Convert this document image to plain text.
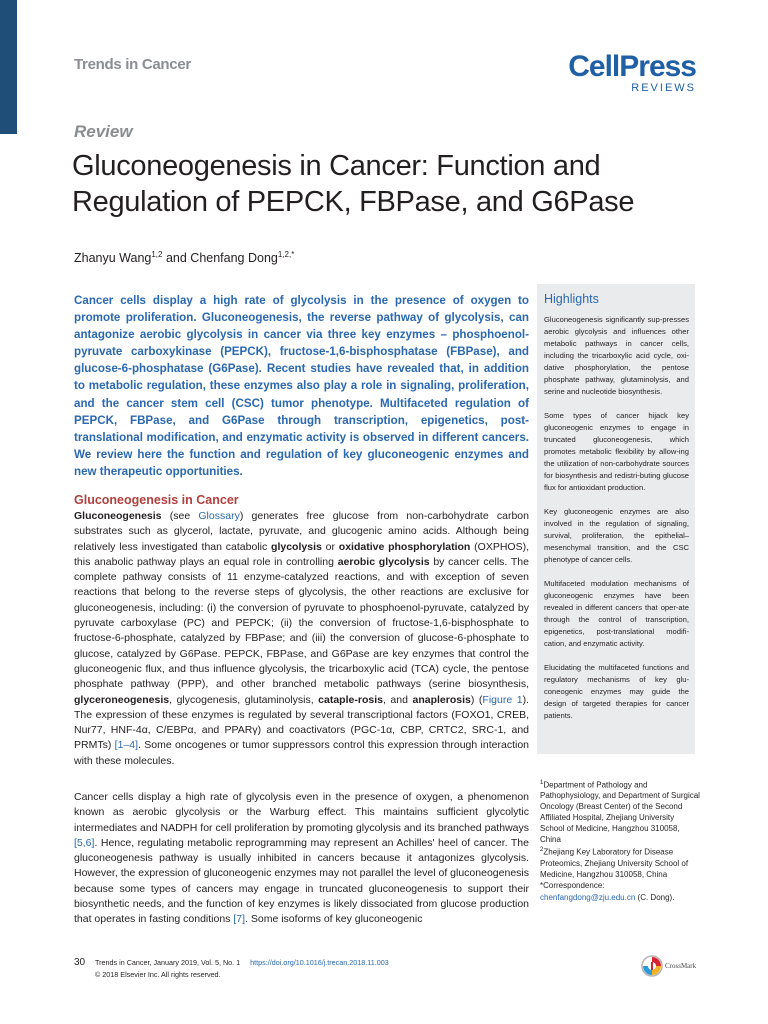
Trends in Cancer	CellPress
REVIEWS
Review
Gluconeogenesis in Cancer: Function and Regulation of PEPCK, FBPase, and G6Pase
Zhanyu Wang$^{1,2}$ and Chenfang Dong$^{1,2,*}$

Cancer cells display a high rate of glycolysis in the presence of oxygen to promote proliferation. Gluconeogenesis, the reverse pathway of glycolysis, can antagonize aerobic glycolysis in cancer via three key enzymes – phosphoenol-pyruvate carboxykinase (PEPCK), fructose-1,6-bisphosphatase (FBPase), and glucose-6-phosphatase (G6Pase). Recent studies have revealed that, in addition to metabolic regulation, these enzymes also play a role in signaling, proliferation, and the cancer stem cell (CSC) tumor phenotype. Multifaceted regulation of PEPCK, FBPase, and G6Pase through transcription, epigenetics, post-translational modification, and enzymatic activity is observed in different cancers. We review here the function and regulation of key gluconeogenic enzymes and new therapeutic opportunities.

Gluconeogenesis in Cancer

Gluconeogenesis (see Glossary) generates free glucose from non-carbohydrate carbon substrates such as glycerol, lactate, pyruvate, and glucogenic amino acids. Although being relatively less investigated than catabolic glycolysis or oxidative phosphorylation (OXPHOS), this anabolic pathway plays an equal role in controlling aerobic glycolysis by cancer cells. The complete pathway consists of 11 enzyme-catalyzed reactions, and with exception of seven reactions that belong to the reverse steps of glycolysis, the other reactions are exclusive for gluconeogenesis, including: (i) the conversion of pyruvate to phosphoenol-pyruvate, catalyzed by pyruvate carboxylase (PC) and PEPCK; (ii) the conversion of fructose-1,6-bisphosphate to fructose-6-phosphate, catalyzed by FBPase; and (iii) the conversion of glucose-6-phosphate to glucose, catalyzed by G6Pase. PEPCK, FBPase, and G6Pase are key enzymes that control the gluconeogenic flux, and thus influence glycolysis, the tricarboxylic acid (TCA) cycle, the pentose phosphate pathway (PPP), and other branched metabolic pathways (serine biosynthesis, glyceroneogenesis, glycogenesis, glutaminolysis, cataple-rosis, and anaplerosis) (Figure 1). The expression of these enzymes is regulated by several transcriptional factors (FOXO1, CREB, Nur77, HNF-4α, C/EBPα, and PPARγ) and coactivators (PGC-1α, CBP, CRTC2, SRC-1, and PRMTs) [1–4]. Some oncogenes or tumor suppressors control this expression through interaction with these molecules.

Cancer cells display a high rate of glycolysis even in the presence of oxygen, a phenomenon known as aerobic glycolysis or the Warburg effect. This maintains sufficient glycolytic intermediates and NADPH for cell proliferation by promoting glycolysis and its branched pathways [5,6]. Hence, regulating metabolic reprogramming may represent an Achilles' heel of cancer. The gluconeogenesis pathway is usually inhibited in cancers because it antagonizes glycolysis. However, the expression of gluconeogenic enzymes may not parallel the level of gluconeogenesis because some types of cancers may engage in truncated gluconeogenesis to support their biosynthetic needs, and the function of key enzymes is likely dissociated from glucose production that operates in fasting conditions [7]. Some isoforms of key gluconeogenic

Highlights

Gluconeogenesis significantly sup-presses aerobic glycolysis and influences other metabolic pathways in cancer cells, including the tricarboxylic acid cycle, oxi-dative phosphorylation, the pentose phosphate pathway, glutaminolysis, and serine and nucleotide biosynthesis.

Some types of cancer hijack key gluconeogenic enzymes to engage in truncated gluconeogenesis, which promotes metabolic flexibility by allow-ing the utilization of non-carbohydrate sources for biosynthesis and redistri-buting glucose flux for antioxidant production.

Key gluconeogenic enzymes are also involved in the regulation of signaling, survival, proliferation, the epithelial–mesenchymal transition, and the CSC phenotype of cancer cells.

Multifaceted modulation mechanisms of gluconeogenic enzymes have been revealed in different cancers that oper-ate through the control of transcription, epigenetics, post-translational modifi-cation, and enzymatic activity.

Elucidating the multifaceted functions and regulatory mechanisms of key glu-coneogenic enzymes may guide the design of targeted therapies for cancer patients.

$^1$Department of Pathology and Pathophysiology, and Department of Surgical Oncology (Breast Center) of the Second Affiliated Hospital, Zhejiang University School of Medicine, Hangzhou 310058, China
$^2$Zhejiang Key Laboratory for Disease Proteomics, Zhejiang University School of Medicine, Hangzhou 310058, China
*Correspondence:
chenfangdong@zju.edu.cn (C. Dong).
30 Trends in Cancer, January 2019, Vol. 5, No. 1 https://doi.org/10.1016/j.trecan.2018.11.003
© 2018 Elsevier Inc. All rights reserved.
CrossMark
